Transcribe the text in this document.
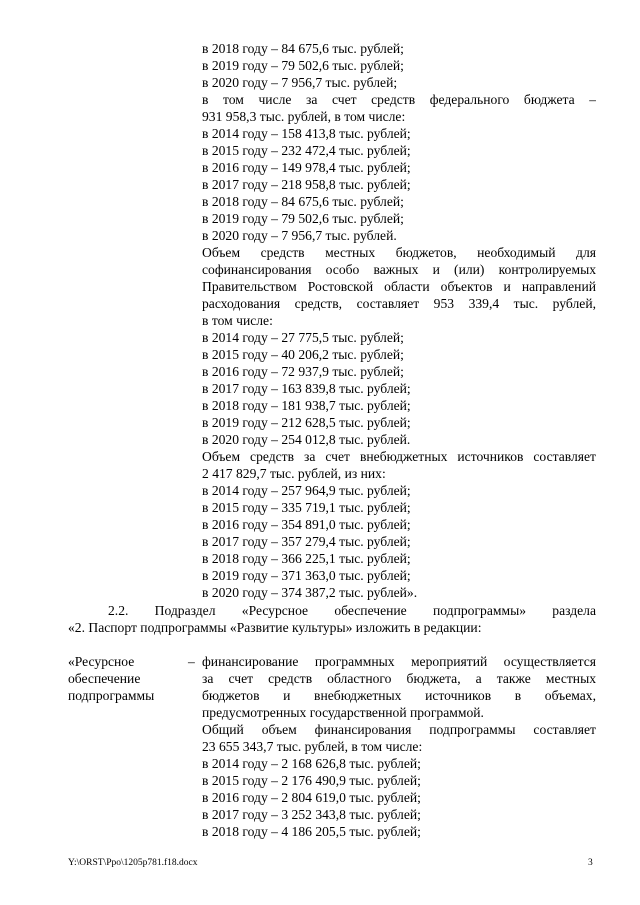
в 2018 году – 84 675,6 тыс. рублей;
в 2019 году – 79 502,6 тыс. рублей;
в 2020 году – 7 956,7 тыс. рублей;
в том числе за счет средств федерального бюджета –
931 958,3 тыс. рублей, в том числе:
в 2014 году – 158 413,8 тыс. рублей;
в 2015 году – 232 472,4 тыс. рублей;
в 2016 году – 149 978,4 тыс. рублей;
в 2017 году – 218 958,8 тыс. рублей;
в 2018 году – 84 675,6 тыс. рублей;
в 2019 году – 79 502,6 тыс. рублей;
в 2020 году – 7 956,7 тыс. рублей.
Объем средств местных бюджетов, необходимый для
софинансирования особо важных и (или) контролируемых
Правительством Ростовской области объектов и направлений
расходования средств, составляет 953 339,4 тыс. рублей,
в том числе:
в 2014 году – 27 775,5 тыс. рублей;
в 2015 году – 40 206,2 тыс. рублей;
в 2016 году – 72 937,9 тыс. рублей;
в 2017 году – 163 839,8 тыс. рублей;
в 2018 году – 181 938,7 тыс. рублей;
в 2019 году – 212 628,5 тыс. рублей;
в 2020 году – 254 012,8 тыс. рублей.
Объем средств за счет внебюджетных источников составляет
2 417 829,7 тыс. рублей, из них:
в 2014 году – 257 964,9 тыс. рублей;
в 2015 году – 335 719,1 тыс. рублей;
в 2016 году – 354 891,0 тыс. рублей;
в 2017 году – 357 279,4 тыс. рублей;
в 2018 году – 366 225,1 тыс. рублей;
в 2019 году – 371 363,0 тыс. рублей;
в 2020 году – 374 387,2 тыс. рублей».
2.2. Подраздел «Ресурсное обеспечение подпрограммы» раздела
«2. Паспорт подпрограммы «Развитие культуры» изложить в редакции:
«Ресурсное
обеспечение
подпрограммы
– финансирование программных мероприятий осуществляется
за счет средств областного бюджета, а также местных
бюджетов и внебюджетных источников в объемах,
предусмотренных государственной программой.
Общий объем финансирования подпрограммы составляет
23 655 343,7 тыс. рублей, в том числе:
в 2014 году – 2 168 626,8 тыс. рублей;
в 2015 году – 2 176 490,9 тыс. рублей;
в 2016 году – 2 804 619,0 тыс. рублей;
в 2017 году – 3 252 343,8 тыс. рублей;
в 2018 году – 4 186 205,5 тыс. рублей;
Y:\ORST\Ppo\1205p781.f18.docx	3
